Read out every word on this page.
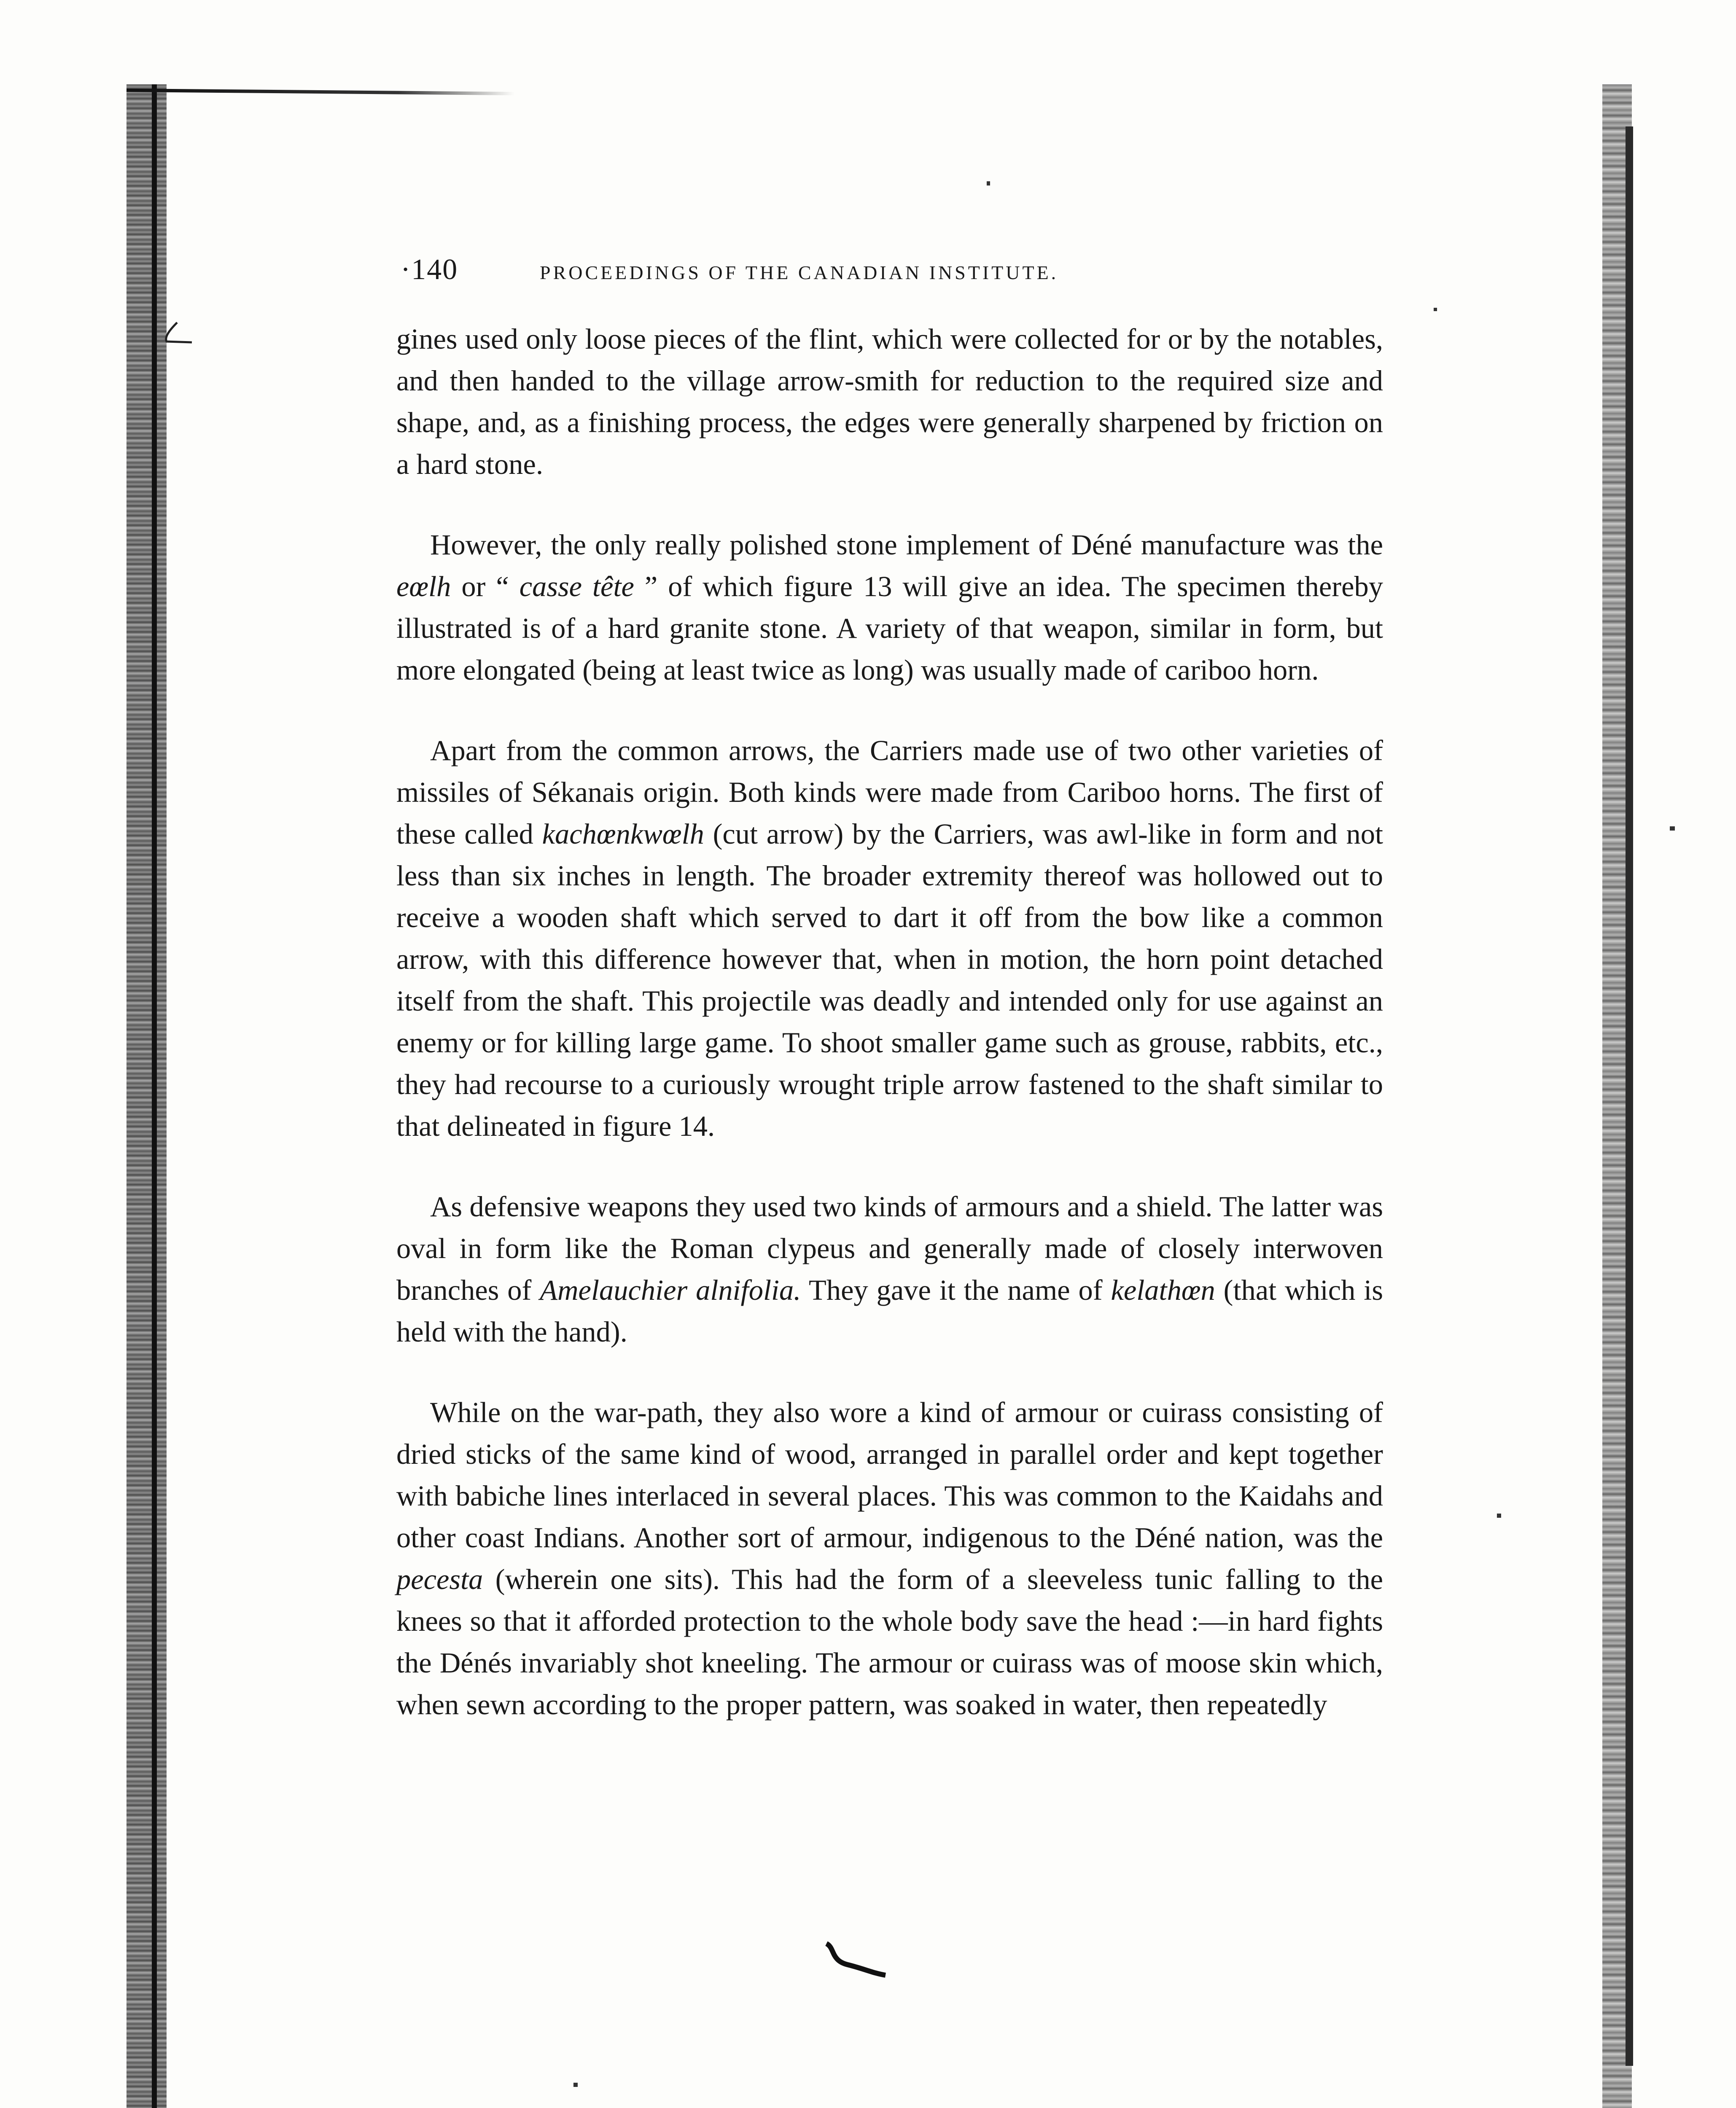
·140	PROCEEDINGS OF THE CANADIAN INSTITUTE.

gines used only loose pieces of the flint, which were collected for or by the notables, and then handed to the village arrow-smith for reduction to the required size and shape, and, as a finishing process, the edges were generally sharpened by friction on a hard stone.

However, the only really polished stone implement of Déné manufacture was the eœlh or “ casse tête ” of which figure 13 will give an idea. The specimen thereby illustrated is of a hard granite stone. A variety of that weapon, similar in form, but more elongated (being at least twice as long) was usually made of cariboo horn.

Apart from the common arrows, the Carriers made use of two other varieties of missiles of Sékanais origin. Both kinds were made from Cariboo horns. The first of these called kachœnkwœlh (cut arrow) by the Carriers, was awl-like in form and not less than six inches in length. The broader extremity thereof was hollowed out to receive a wooden shaft which served to dart it off from the bow like a common arrow, with this difference however that, when in motion, the horn point detached itself from the shaft. This projectile was deadly and intended only for use against an enemy or for killing large game. To shoot smaller game such as grouse, rabbits, etc., they had recourse to a curiously wrought triple arrow fastened to the shaft similar to that delineated in figure 14.

As defensive weapons they used two kinds of armours and a shield. The latter was oval in form like the Roman clypeus and generally made of closely interwoven branches of Amelauchier alnifolia. They gave it the name of kelathœn (that which is held with the hand).

While on the war-path, they also wore a kind of armour or cuirass consisting of dried sticks of the same kind of wood, arranged in parallel order and kept together with babiche lines interlaced in several places. This was common to the Kaidahs and other coast Indians. Another sort of armour, indigenous to the Déné nation, was the pecesta (wherein one sits). This had the form of a sleeveless tunic falling to the knees so that it afforded protection to the whole body save the head :—in hard fights the Dénés invariably shot kneeling. The armour or cuirass was of moose skin which, when sewn according to the proper pattern, was soaked in water, then repeatedly
